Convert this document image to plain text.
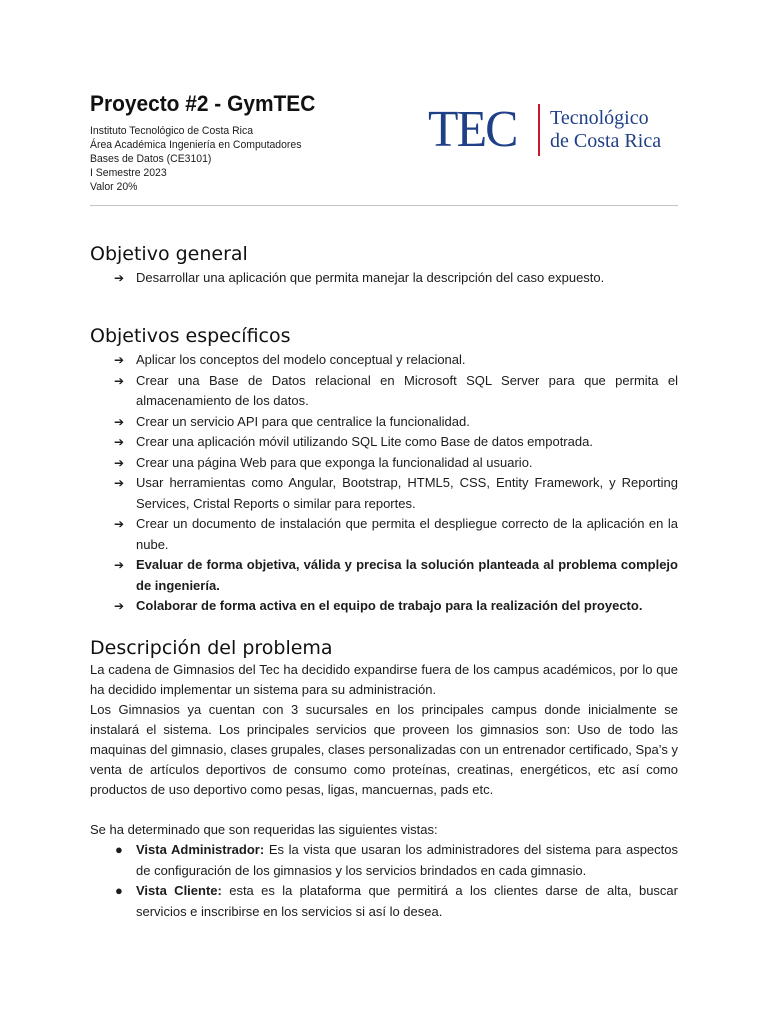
Proyecto #2 - GymTEC
Instituto Tecnológico de Costa Rica
Área Académica Ingeniería en Computadores
Bases de Datos (CE3101)
I Semestre 2023
Valor 20%
TEC Tecnológico
de Costa Rica
Objetivo general
➔ Desarrollar una aplicación que permita manejar la descripción del caso expuesto.
Objetivos específicos
➔ Aplicar los conceptos del modelo conceptual y relacional.
➔ Crear una Base de Datos relacional en Microsoft SQL Server para que permita el almacenamiento de los datos.
➔ Crear un servicio API para que centralice la funcionalidad.
➔ Crear una aplicación móvil utilizando SQL Lite como Base de datos empotrada.
➔ Crear una página Web para que exponga la funcionalidad al usuario.
➔ Usar herramientas como Angular, Bootstrap, HTML5, CSS, Entity Framework, y Reporting Services, Cristal Reports o similar para reportes.
➔ Crear un documento de instalación que permita el despliegue correcto de la aplicación en la nube.
➔ Evaluar de forma objetiva, válida y precisa la solución planteada al problema complejo de ingeniería.
➔ Colaborar de forma activa en el equipo de trabajo para la realización del proyecto.
Descripción del problema

La cadena de Gimnasios del Tec ha decidido expandirse fuera de los campus académicos, por lo que ha decidido implementar un sistema para su administración.

Los Gimnasios ya cuentan con 3 sucursales en los principales campus donde inicialmente se instalará el sistema. Los principales servicios que proveen los gimnasios son: Uso de todo las maquinas del gimnasio, clases grupales, clases personalizadas con un entrenador certificado, Spa’s y venta de artículos deportivos de consumo como proteínas, creatinas, energéticos, etc así como productos de uso deportivo como pesas, ligas, mancuernas, pads etc.

Se ha determinado que son requeridas las siguientes vistas:

● Vista Administrador: Es la vista que usaran los administradores del sistema para aspectos de configuración de los gimnasios y los servicios brindados en cada gimnasio.
● Vista Cliente: esta es la plataforma que permitirá a los clientes darse de alta, buscar servicios e inscribirse en los servicios si así lo desea.
